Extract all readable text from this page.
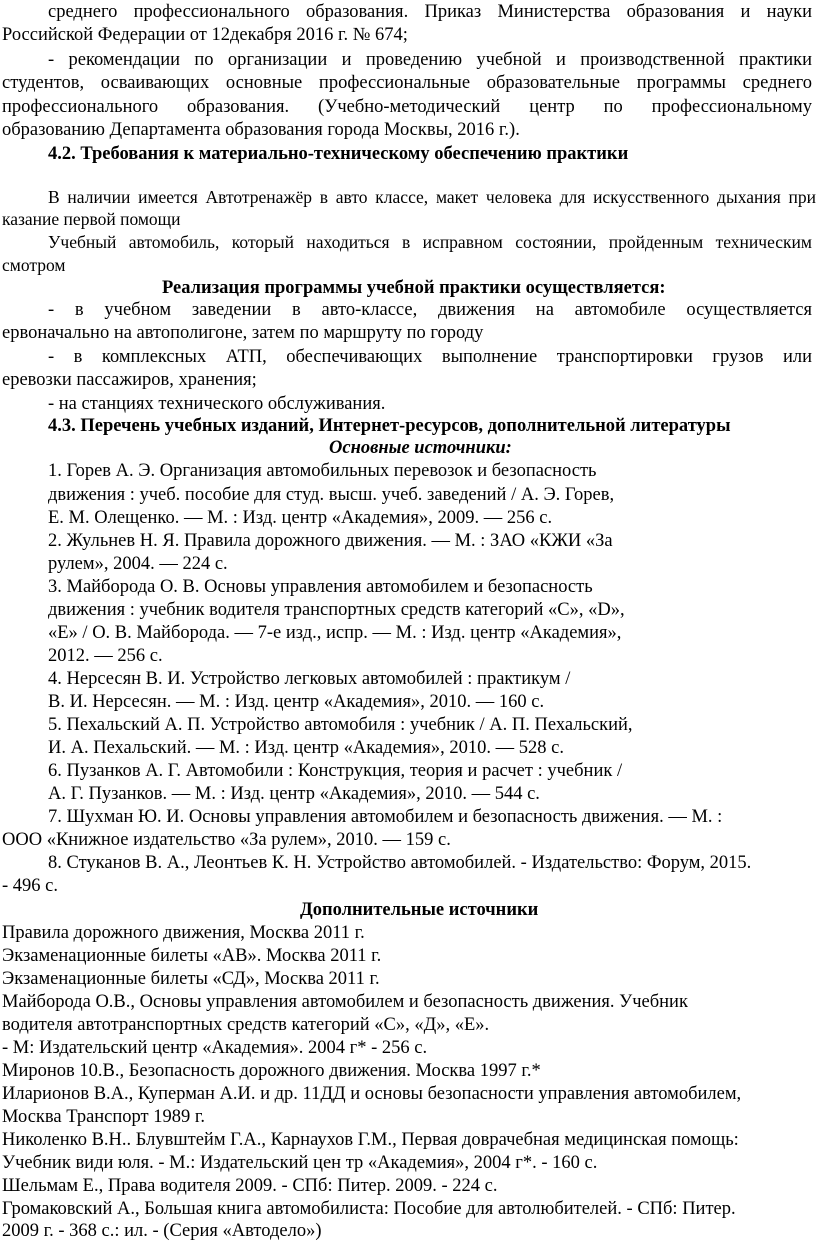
среднего профессионального образования. Приказ Министерства образования и науки
Российской Федерации от 12декабря 2016 г. № 674;
- рекомендации по организации и проведению учебной и производственной практики
студентов, осваивающих основные профессиональные образовательные программы среднего
профессионального образования. (Учебно-методический центр по профессиональному
образованию Департамента образования города Москвы, 2016 г.).
4.2. Требования к материально-техническому обеспечению практики
В наличии имеется Автотренажёр в авто классе, макет человека для искусственного дыхания при
казание первой помощи
Учебный автомобиль, который находиться в исправном состоянии, пройденным техническим
смотром
Реализация программы учебной практики осуществляется:
- в учебном заведении в авто-классе, движения на автомобиле осуществляется
ервоначально на автополигоне, затем по маршруту по городу
- в комплексных АТП, обеспечивающих выполнение транспортировки грузов или
еревозки пассажиров, хранения;
- на станциях технического обслуживания.
4.3. Перечень учебных изданий, Интернет-ресурсов, дополнительной литературы
Основные источники:
1. Горев А. Э. Организация автомобильных перевозок и безопасность
движения : учеб. пособие для студ. высш. учеб. заведений / А. Э. Горев,
Е. М. Олещенко. — М. : Изд. центр «Академия», 2009. — 256 с.
2. Жульнев Н. Я. Правила дорожного движения. — М. : ЗАО «КЖИ «За
рулем», 2004. — 224 с.
3. Майборода О. В. Основы управления автомобилем и безопасность
движения : учебник водителя транспортных средств категорий «С», «D»,
«Е» / О. В. Майборода. — 7-е изд., испр. — М. : Изд. центр «Академия»,
2012. — 256 с.
4. Нерсесян В. И. Устройство легковых автомобилей : практикум /
В. И. Нерсесян. — М. : Изд. центр «Академия», 2010. — 160 с.
5. Пехальский А. П. Устройство автомобиля : учебник / А. П. Пехальский,
И. А. Пехальский. — М. : Изд. центр «Академия», 2010. — 528 с.
6. Пузанков А. Г. Автомобили : Конструкция, теория и расчет : учебник /
А. Г. Пузанков. — М. : Изд. центр «Академия», 2010. — 544 с.
7. Шухман Ю. И. Основы управления автомобилем и безопасность движения. — М. :
ООО «Книжное издательство «За рулем», 2010. — 159 с.
8. Стуканов В. А., Леонтьев К. Н. Устройство автомобилей. - Издательство: Форум, 2015.
- 496 с.
Дополнительные источники
Правила дорожного движения, Москва 2011 г.
Экзаменационные билеты «АВ». Москва 2011 г.
Экзаменационные билеты «СД», Москва 2011 г.
Майборода О.В., Основы управления автомобилем и безопасность движения. Учебник
водителя автотранспортных средств категорий «С», «Д», «Е».
- М: Издательский центр «Академия». 2004 г* - 256 с.
Миронов 10.В., Безопасность дорожного движения. Москва 1997 г.*
Иларионов В.А., Куперман А.И. и др. 11ДД и основы безопасности управления автомобилем,
Москва Транспорт 1989 г.
Николенко В.Н.. Блувштейм Г.А., Карнаухов Г.М., Первая доврачебная медицинская помощь:
Учебник види юля. - М.: Издательский цен тр «Академия», 2004 г*. - 160 с.
Шельмам Е., Права водителя 2009. - СПб: Питер. 2009. - 224 с.
Громаковский А., Большая книга автомобилиста: Пособие для автолюбителей. - СПб: Питер.
2009 г. - 368 с.: ил. - (Серия «Автодело»)
